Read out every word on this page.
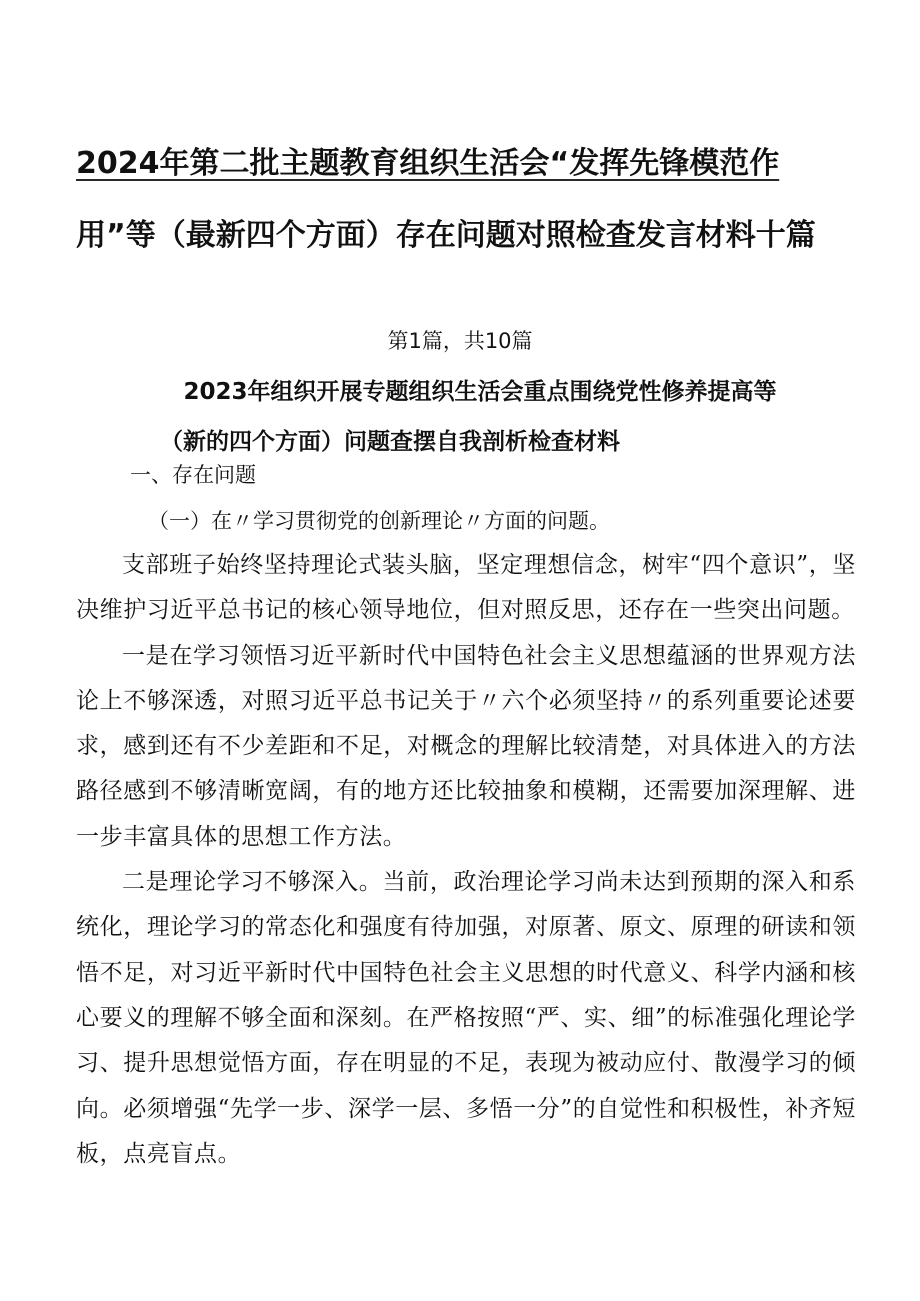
2024年第二批主题教育组织生活会“发挥先锋模范作
用”等（最新四个方面）存在问题对照检查发言材料十篇
第1篇，共10篇
2023年组织开展专题组织生活会重点围绕党性修养提高等
（新的四个方面）问题查摆自我剖析检查材料
一、存在问题
（一）在〃学习贯彻党的创新理论〃方面的问题。

支部班子始终坚持理论式装头脑，坚定理想信念，树牢“四个意识”，坚决维护习近平总书记的核心领导地位，但对照反思，还存在一些突出问题。

一是在学习领悟习近平新时代中国特色社会主义思想蕴涵的世界观方法论上不够深透，对照习近平总书记关于〃六个必须坚持〃的系列重要论述要求，感到还有不少差距和不足，对概念的理解比较清楚，对具体进入的方法路径感到不够清晰宽阔，有的地方还比较抽象和模糊，还需要加深理解、进一步丰富具体的思想工作方法。

二是理论学习不够深入。当前，政治理论学习尚未达到预期的深入和系统化，理论学习的常态化和强度有待加强，对原著、原文、原理的研读和领悟不足，对习近平新时代中国特色社会主义思想的时代意义、科学内涵和核心要义的理解不够全面和深刻。在严格按照“严、实、细”的标准强化理论学习、提升思想觉悟方面，存在明显的不足，表现为被动应付、散漫学习的倾向。必须增强“先学一步、深学一层、多悟一分”的自觉性和积极性，补齐短板，点亮盲点。
